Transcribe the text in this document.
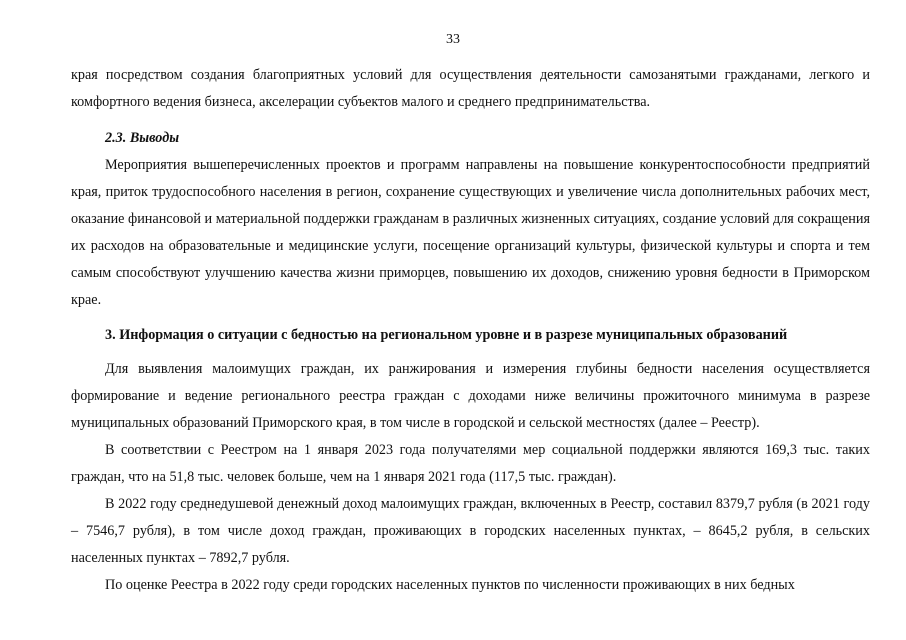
33

края посредством создания благоприятных условий для осуществления деятельности самозанятыми гражданами, легкого и комфортного ведения бизнеса, акселерации субъектов малого и среднего предпринимательства.

2.3. Выводы

Мероприятия вышеперечисленных проектов и программ направлены на повышение конкурентоспособности предприятий края, приток трудоспособного населения в регион, сохранение существующих и увеличение числа дополнительных рабочих мест, оказание финансовой и материальной поддержки гражданам в различных жизненных ситуациях, создание условий для сокращения их расходов на образовательные и медицинские услуги, посещение организаций культуры, физической культуры и спорта и тем самым способствуют улучшению качества жизни приморцев, повышению их доходов, снижению уровня бедности в Приморском крае.

3. Информация о ситуации с бедностью на региональном уровне и в разрезе муниципальных образований

Для выявления малоимущих граждан, их ранжирования и измерения глубины бедности населения осуществляется формирование и ведение регионального реестра граждан с доходами ниже величины прожиточного минимума в разрезе муниципальных образований Приморского края, в том числе в городской и сельской местностях (далее – Реестр).

В соответствии с Реестром на 1 января 2023 года получателями мер социальной поддержки являются 169,3 тыс. таких граждан, что на 51,8 тыс. человек больше, чем на 1 января 2021 года (117,5 тыс. граждан).

В 2022 году среднедушевой денежный доход малоимущих граждан, включенных в Реестр, составил 8379,7 рубля (в 2021 году – 7546,7 рубля), в том числе доход граждан, проживающих в городских населенных пунктах, – 8645,2 рубля, в сельских населенных пунктах – 7892,7 рубля.

По оценке Реестра в 2022 году среди городских населенных пунктов по численности проживающих в них бедных
